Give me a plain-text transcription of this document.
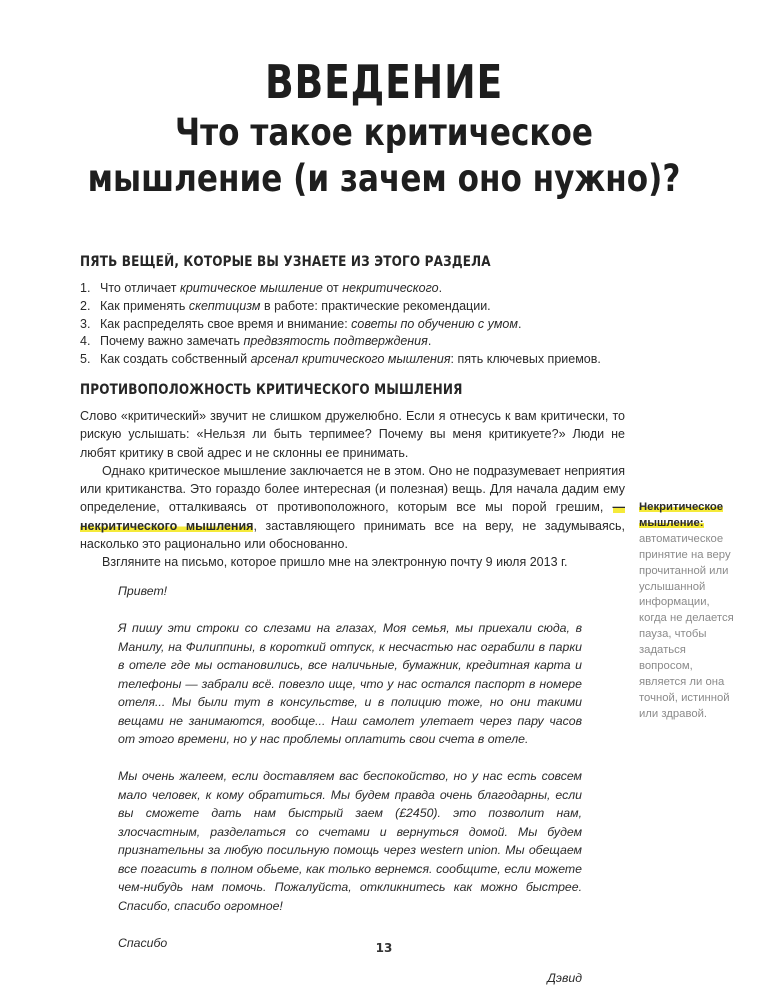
ВВЕДЕНИЕ
Что такое критическое
мышление (и зачем оно нужно)?
ПЯТЬ ВЕЩЕЙ, КОТОРЫЕ ВЫ УЗНАЕТЕ ИЗ ЭТОГО РАЗДЕЛА
1. Что отличает критическое мышление от некритического.
2. Как применять скептицизм в работе: практические рекомендации.
3. Как распределять свое время и внимание: советы по обучению с умом.
4. Почему важно замечать предвзятость подтверждения.
5. Как создать собственный арсенал критического мышления: пять ключевых приемов.
ПРОТИВОПОЛОЖНОСТЬ КРИТИЧЕСКОГО МЫШЛЕНИЯ

Слово «критический» звучит не слишком дружелюбно. Если я отнесусь к вам критически, то рискую услышать: «Нельзя ли быть терпимее? Почему вы меня критикуете?» Люди не любят критику в свой адрес и не склонны ее принимать.

Однако критическое мышление заключается не в этом. Оно не подразумевает неприятия или критиканства. Это гораздо более интересная (и полезная) вещь. Для начала дадим ему определение, отталкиваясь от противоположного, которым все мы порой грешим, — некритического мышления, заставляющего принимать все на веру, не задумываясь, насколько это рационально или обоснованно.

Взгляните на письмо, которое пришло мне на электронную почту 9 июля 2013 г.

Привет!

Я пишу эти строки со слезами на глазах, Моя семья, мы приехали сюда, в Манилу, на Филиппины, в короткий отпуск, к несчастью нас ограбили в парки в отеле где мы остановились, все наличьные, бумажник, кредитная карта и телефоны — забрали всё. повезло ище, что у нас остался паспорт в номере отеля... Мы были тут в консульстве, и в полицию тоже, но они такими вещами не занимаются, вообще... Наш самолет улетает через пару часов от этого времени, но у нас проблемы оплатить свои счета в отеле.

Мы очень жалеем, если доставляем вас беспокойство, но у нас есть совсем мало человек, к кому обратиться. Мы будем правда очень благодарны, если вы сможете дать нам быстрый заем (£2450). это позволит нам, злосчастным, разделаться со счетами и вернуться домой. Мы будем признательны за любую посильную помощь через western union. Мы обещаем все погасить в полном обьеме, как только вернемся. сообщите, если можете чем-нибудь нам помочь. Пожалуйста, откликнитесь как можно быстрее. Спасибо, спасибо огромное!

Спасибо

Дэвид

Некритическое мышление:
автоматическое принятие на веру прочитанной или услышанной информации, когда не делается пауза, чтобы задаться вопросом, является ли она точной, истинной или здравой.
13
